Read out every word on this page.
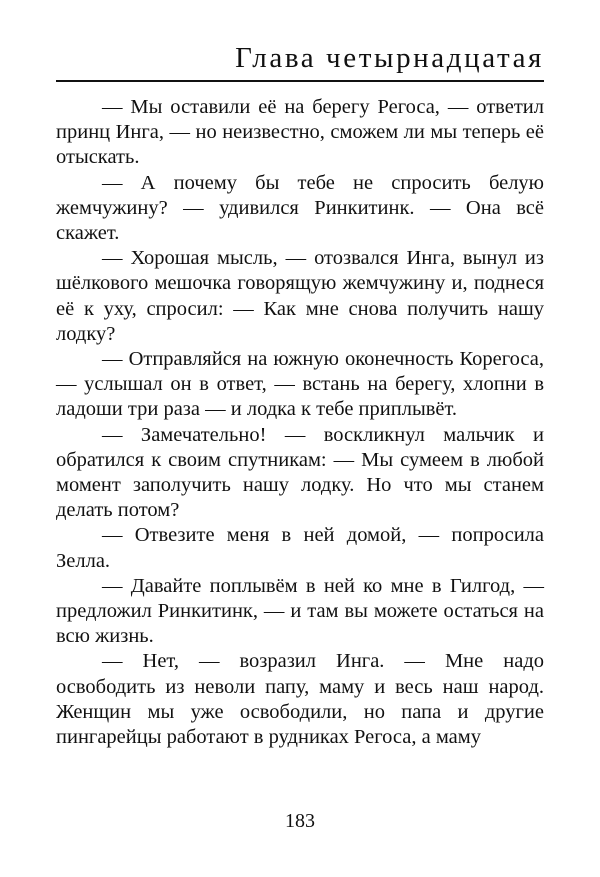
Глава четырнадцатая

— Мы оставили её на берегу Регоса, — ответил принц Инга, — но неизвестно, сможем ли мы теперь её отыскать.

— А почему бы тебе не спросить белую жемчужину? — удивился Ринкитинк. — Она всё скажет.

— Хорошая мысль, — отозвался Инга, вынул из шёлкового мешочка говорящую жемчужину и, поднеся её к уху, спросил: — Как мне снова получить нашу лодку?

— Отправляйся на южную оконечность Корегоса, — услышал он в ответ, — встань на берегу, хлопни в ладоши три раза — и лодка к тебе приплывёт.

— Замечательно! — воскликнул мальчик и обратился к своим спутникам: — Мы сумеем в любой момент заполучить нашу лодку. Но что мы станем делать потом?

— Отвезите меня в ней домой, — попросила Зелла.

— Давайте поплывём в ней ко мне в Гилгод, — предложил Ринкитинк, — и там вы можете остаться на всю жизнь.

— Нет, — возразил Инга. — Мне надо освободить из неволи папу, маму и весь наш народ. Женщин мы уже освободили, но папа и другие пингарейцы работают в рудниках Регоса, а маму

183
